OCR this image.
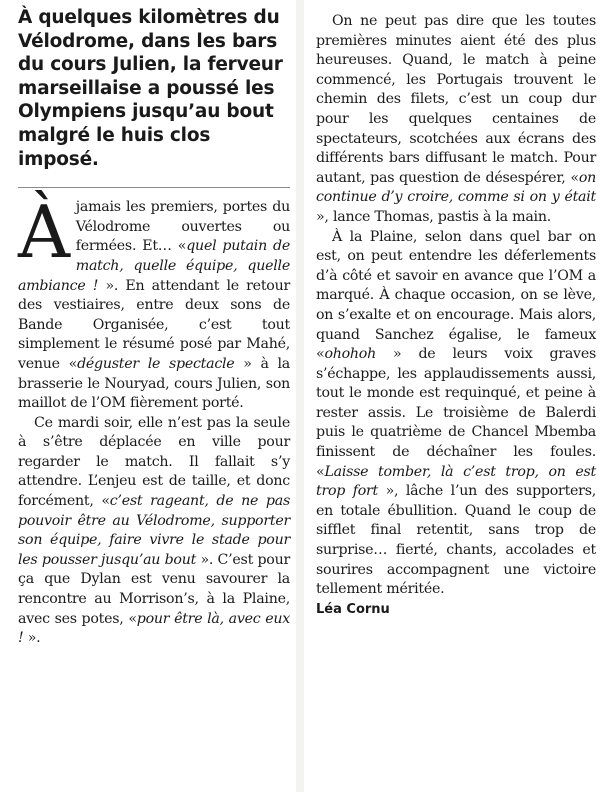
À quelques kilomètres du Vélodrome, dans les bars du cours Julien, la ferveur marseillaise a poussé les Olympiens jusqu’au bout malgré le huis clos imposé.

À jamais les premiers, portes du Vélodrome ouvertes ou fermées. Et… «quel putain de match, quelle équipe, quelle ambiance ! ». En attendant le retour des vestiaires, entre deux sons de Bande Organisée, c’est tout simplement le résumé posé par Mahé, venue «déguster le spectacle » à la brasserie le Nouryad, cours Julien, son maillot de l’OM fièrement porté.

Ce mardi soir, elle n’est pas la seule à s’être déplacée en ville pour regarder le match. Il fallait s’y attendre. L’enjeu est de taille, et donc forcément, «c’est rageant, de ne pas pouvoir être au Vélodrome, supporter son équipe, faire vivre le stade pour les pousser jusqu’au bout ». C’est pour ça que Dylan est venu savourer la rencontre au Morrison’s, à la Plaine, avec ses potes, «pour être là, avec eux ! ».

On ne peut pas dire que les toutes premières minutes aient été des plus heureuses. Quand, le match à peine commencé, les Portugais trouvent le chemin des filets, c’est un coup dur pour les quelques centaines de spectateurs, scotchées aux écrans des différents bars diffusant le match. Pour autant, pas question de désespérer, «on continue d’y croire, comme si on y était », lance Thomas, pastis à la main.

À la Plaine, selon dans quel bar on est, on peut entendre les déferlements d’à côté et savoir en avance que l’OM a marqué. À chaque occasion, on se lève, on s’exalte et on encourage. Mais alors, quand Sanchez égalise, le fameux «ohohoh » de leurs voix graves s’échappe, les applaudissements aussi, tout le monde est requinqué, et peine à rester assis. Le troisième de Balerdi puis le quatrième de Chancel Mbemba finissent de déchaîner les foules. «Laisse tomber, là c’est trop, on est trop fort », lâche l’un des supporters, en totale ébullition. Quand le coup de sifflet final retentit, sans trop de surprise… fierté, chants, accolades et sourires accompagnent une victoire tellement méritée.

Léa Cornu
